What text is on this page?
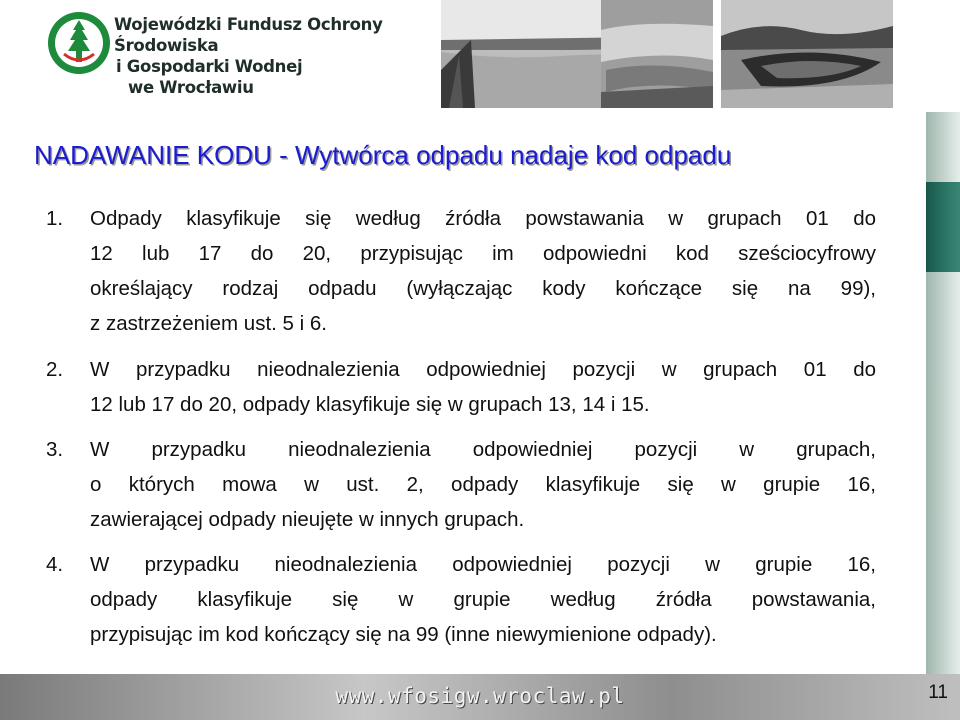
Wojewódzki Fundusz Ochrony Środowiska
i Gospodarki Wodnej
we Wrocławiu
NADAWANIE KODU - Wytwórca odpadu nadaje kod odpadu
1.	Odpady klasyfikuje się według źródła powstawania w grupach 01 do
12 lub 17 do 20, przypisując im odpowiedni kod sześciocyfrowy
określający rodzaj odpadu (wyłączając kody kończące się na 99),
z zastrzeżeniem ust. 5 i 6.
2.	W przypadku nieodnalezienia odpowiedniej pozycji w grupach 01 do
12 lub 17 do 20, odpady klasyfikuje się w grupach 13, 14 i 15.
3.	W przypadku nieodnalezienia odpowiedniej pozycji w grupach,
o których mowa w ust. 2, odpady klasyfikuje się w grupie 16,
zawierającej odpady nieujęte w innych grupach.
4.	W przypadku nieodnalezienia odpowiedniej pozycji w grupie 16,
odpady klasyfikuje się w grupie według źródła powstawania,
przypisując im kod kończący się na 99 (inne niewymienione odpady).
www.wfosigw.wroclaw.pl	11
